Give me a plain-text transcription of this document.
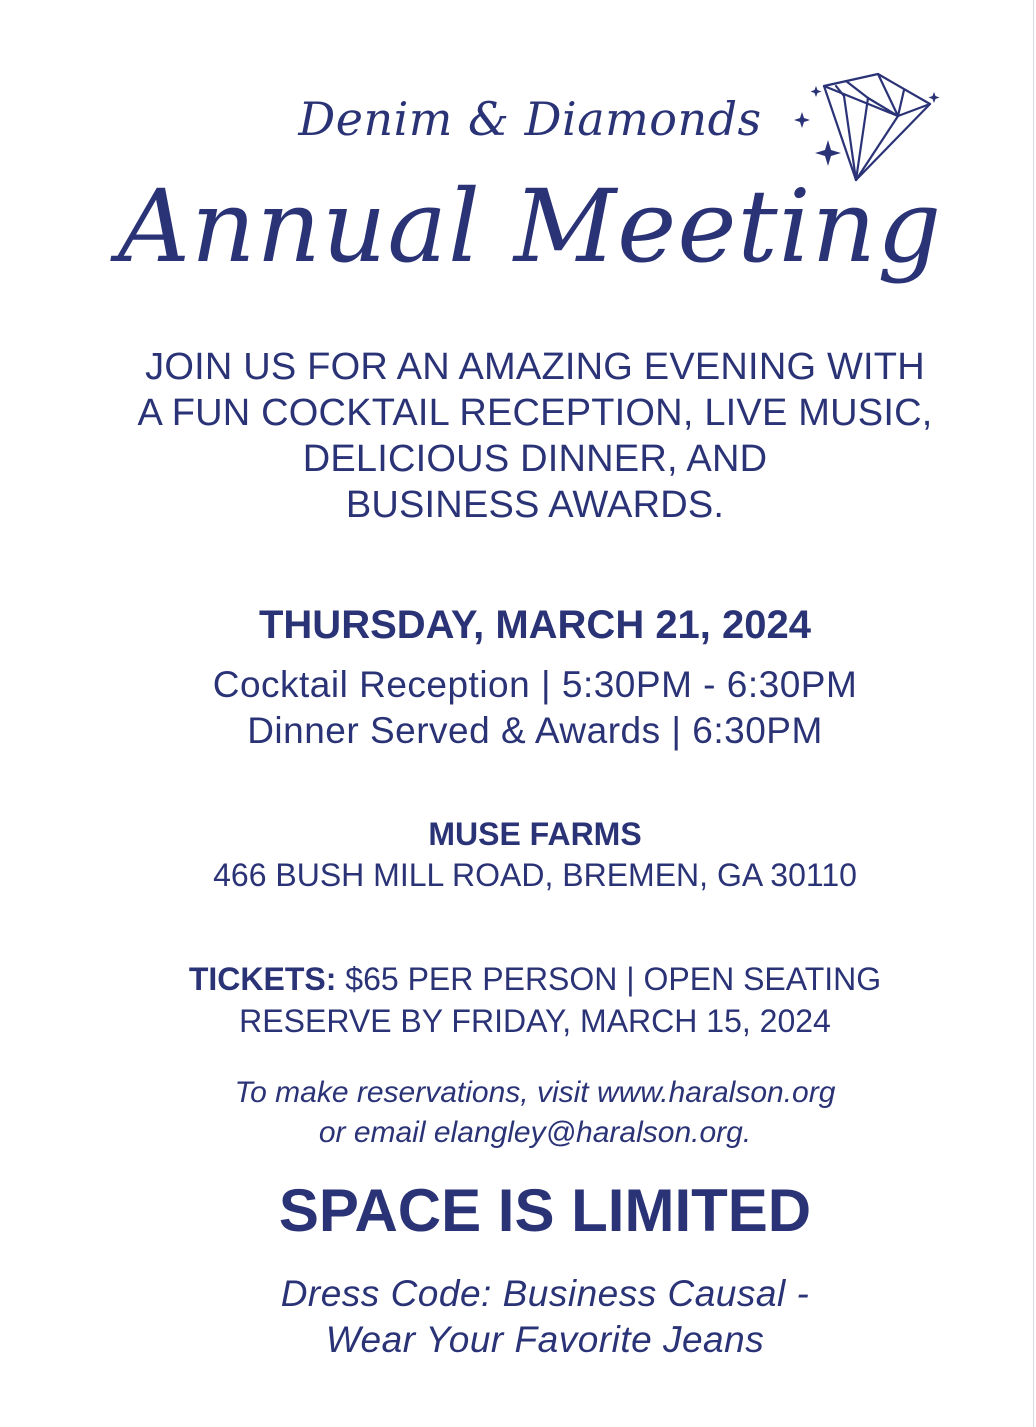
Denim & Diamonds
Annual Meeting
JOIN US FOR AN AMAZING EVENING WITH
A FUN COCKTAIL RECEPTION, LIVE MUSIC,
DELICIOUS DINNER, AND
BUSINESS AWARDS.
THURSDAY, MARCH 21, 2024
Cocktail Reception | 5:30PM - 6:30PM
Dinner Served & Awards | 6:30PM
MUSE FARMS
466 BUSH MILL ROAD, BREMEN, GA 30110
TICKETS: $65 PER PERSON | OPEN SEATING
RESERVE BY FRIDAY, MARCH 15, 2024
To make reservations, visit www.haralson.org
or email elangley@haralson.org.
SPACE IS LIMITED
Dress Code: Business Causal -
Wear Your Favorite Jeans
